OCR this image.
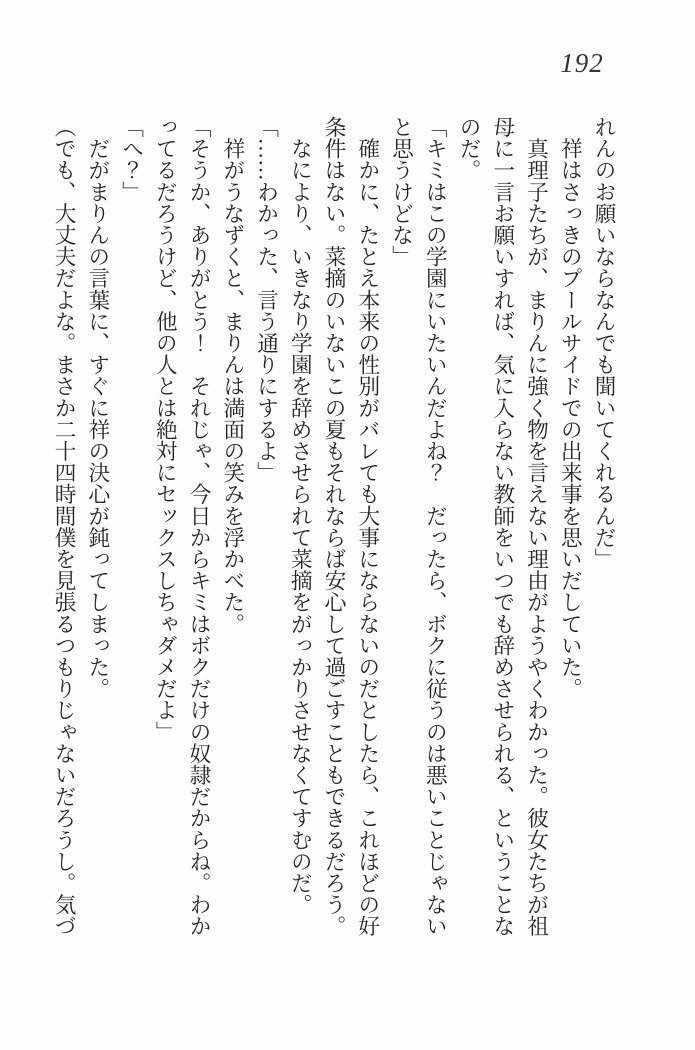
192

れんのお願いならなんでも聞いてくれるんだ」

　祥はさっきのプールサイドでの出来事を思いだしていた。

　真理子たちが、まりんに強く物を言えない理由がようやくわかった。彼女たちが祖母に一言お願いすれば、気に入らない教師をいつでも辞めさせられる、ということなのだ。

「キミはこの学園にいたいんだよね？　だったら、ボクに従うのは悪いことじゃないと思うけどな」

　確かに、たとえ本来の性別がバレても大事にならないのだとしたら、これほどの好条件はない。菜摘のいないこの夏もそれならば安心して過ごすこともできるだろう。

　なにより、いきなり学園を辞めさせられて菜摘をがっかりさせなくてすむのだ。

「……わかった、言う通りにするよ」

　祥がうなずくと、まりんは満面の笑みを浮かべた。

「そうか、ありがとう！　それじゃ、今日からキミはボクだけの奴隷だからね。わかってるだろうけど、他の人とは絶対にセックスしちゃダメだよ」

「へ？」

　だがまりんの言葉に、すぐに祥の決心が鈍ってしまった。

（でも、大丈夫だよな。まさか二十四時間僕を見張るつもりじゃないだろうし。気づ
